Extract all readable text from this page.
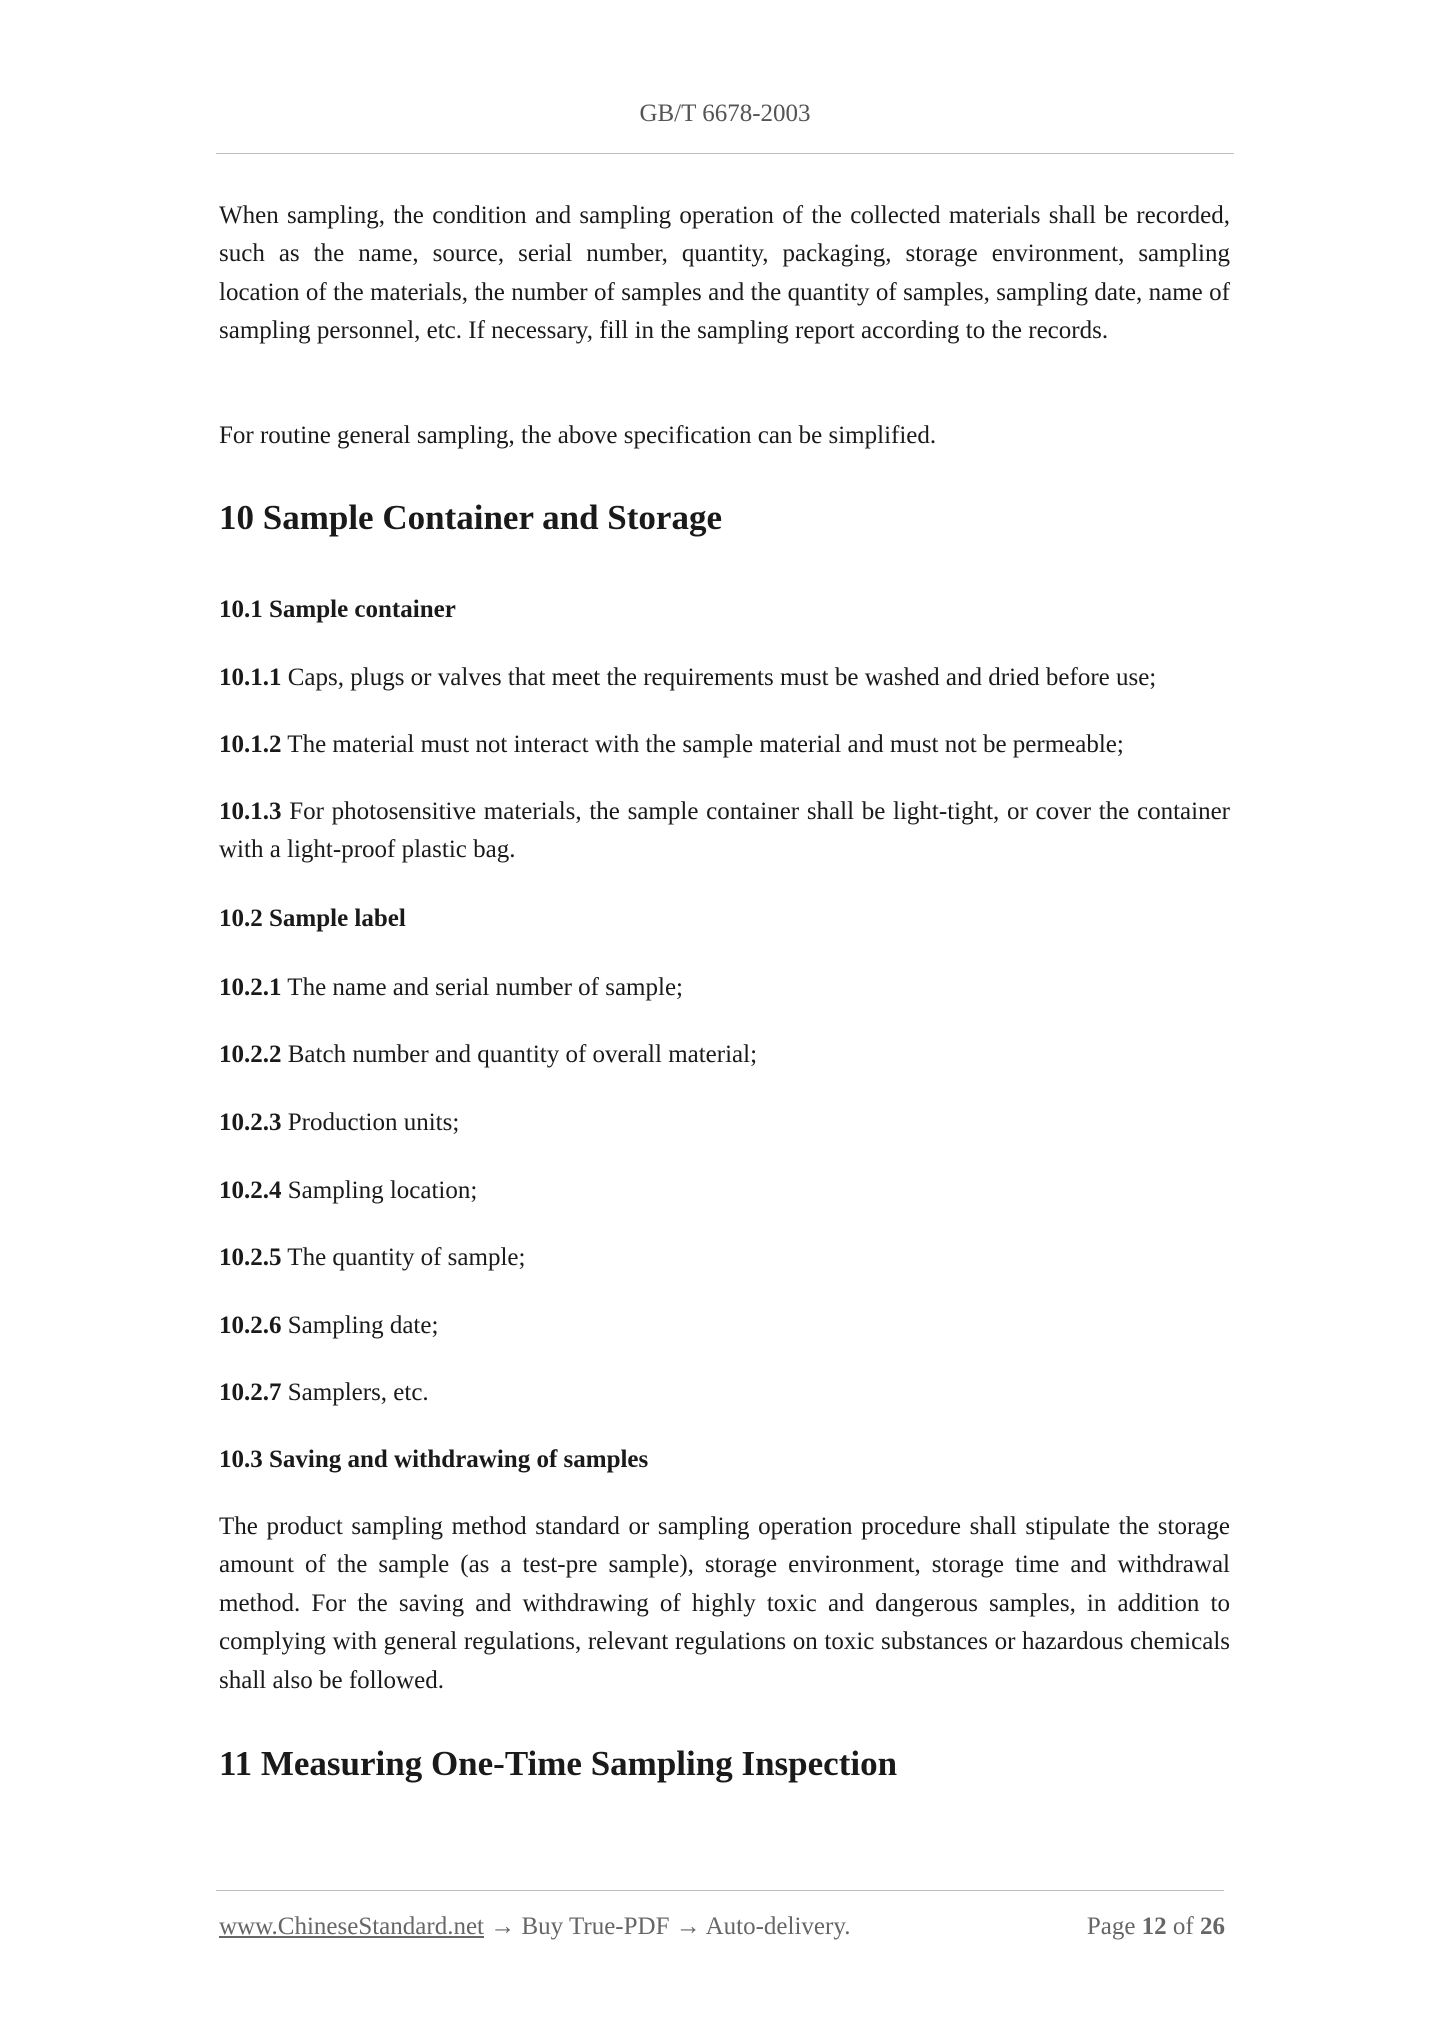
GB/T 6678-2003

When sampling, the condition and sampling operation of the collected materials shall be recorded, such as the name, source, serial number, quantity, packaging, storage environment, sampling location of the materials, the number of samples and the quantity of samples, sampling date, name of sampling personnel, etc. If necessary, fill in the sampling report according to the records.

For routine general sampling, the above specification can be simplified.

10 Sample Container and Storage
10.1 Sample container

10.1.1 Caps, plugs or valves that meet the requirements must be washed and dried before use;

10.1.2 The material must not interact with the sample material and must not be permeable;

10.1.3 For photosensitive materials, the sample container shall be light-tight, or cover the container with a light-proof plastic bag.

10.2 Sample label

10.2.1 The name and serial number of sample;

10.2.2 Batch number and quantity of overall material;

10.2.3 Production units;

10.2.4 Sampling location;

10.2.5 The quantity of sample;

10.2.6 Sampling date;

10.2.7 Samplers, etc.

10.3 Saving and withdrawing of samples

The product sampling method standard or sampling operation procedure shall stipulate the storage amount of the sample (as a test-pre sample), storage environment, storage time and withdrawal method. For the saving and withdrawing of highly toxic and dangerous samples, in addition to complying with general regulations, relevant regulations on toxic substances or hazardous chemicals shall also be followed.

11 Measuring One-Time Sampling Inspection
www.ChineseStandard.net → Buy True-PDF → Auto-delivery.	Page 12 of 26
